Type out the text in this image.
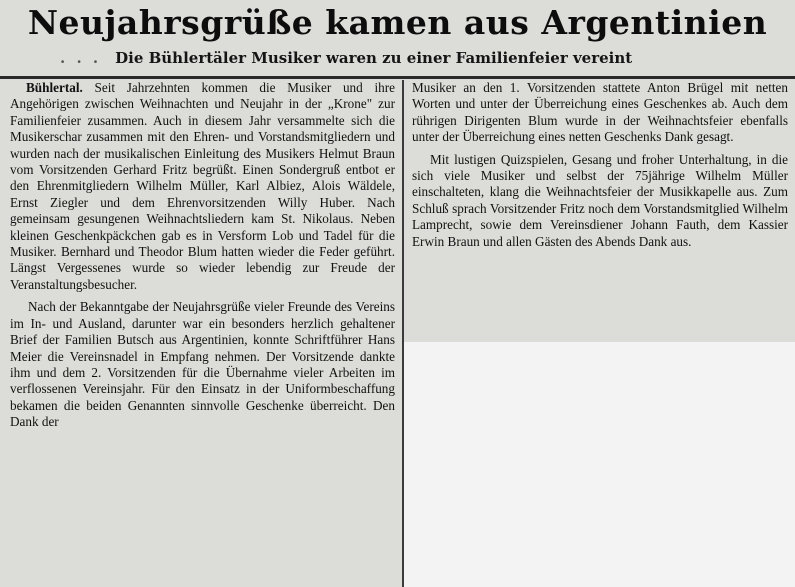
Neujahrsgrüße kamen aus Argentinien
. . . Die Bühlertäler Musiker waren zu einer Familienfeier vereint

Bühlertal. Seit Jahrzehnten kommen die Musiker und ihre Angehörigen zwischen Weihnachten und Neujahr in der „Krone" zur Familienfeier zusammen. Auch in diesem Jahr versammelte sich die Musikerschar zusammen mit den Ehren- und Vorstandsmitgliedern und wurden nach der musikalischen Einleitung des Musikers Helmut Braun vom Vorsitzenden Gerhard Fritz begrüßt. Einen Sondergruß entbot er den Ehrenmitgliedern Wilhelm Müller, Karl Albiez, Alois Wäldele, Ernst Ziegler und dem Ehrenvorsitzenden Willy Huber. Nach gemeinsam gesungenen Weihnachtsliedern kam St. Nikolaus. Neben kleinen Geschenkpäckchen gab es in Versform Lob und Tadel für die Musiker. Bernhard und Theodor Blum hatten wieder die Feder geführt. Längst Vergessenes wurde so wieder lebendig zur Freude der Veranstaltungsbesucher.

Nach der Bekanntgabe der Neujahrsgrüße vieler Freunde des Vereins im In- und Ausland, darunter war ein besonders herzlich gehaltener Brief der Familien Butsch aus Argentinien, konnte Schriftführer Hans Meier die Vereinsnadel in Empfang nehmen. Der Vorsitzende dankte ihm und dem 2. Vorsitzenden für die Übernahme vieler Arbeiten im verflossenen Vereinsjahr. Für den Einsatz in der Uniformbeschaffung bekamen die beiden Genannten sinnvolle Geschenke überreicht. Den Dank der

Musiker an den 1. Vorsitzenden stattete Anton Brügel mit netten Worten und unter der Überreichung eines Geschenkes ab. Auch dem rührigen Dirigenten Blum wurde in der Weihnachtsfeier ebenfalls unter der Überreichung eines netten Geschenks Dank gesagt.

Mit lustigen Quizspielen, Gesang und froher Unterhaltung, in die sich viele Musiker und selbst der 75jährige Wilhelm Müller einschalteten, klang die Weihnachtsfeier der Musikkapelle aus. Zum Schluß sprach Vorsitzender Fritz noch dem Vorstandsmitglied Wilhelm Lamprecht, sowie dem Vereinsdiener Johann Fauth, dem Kassier Erwin Braun und allen Gästen des Abends Dank aus.
